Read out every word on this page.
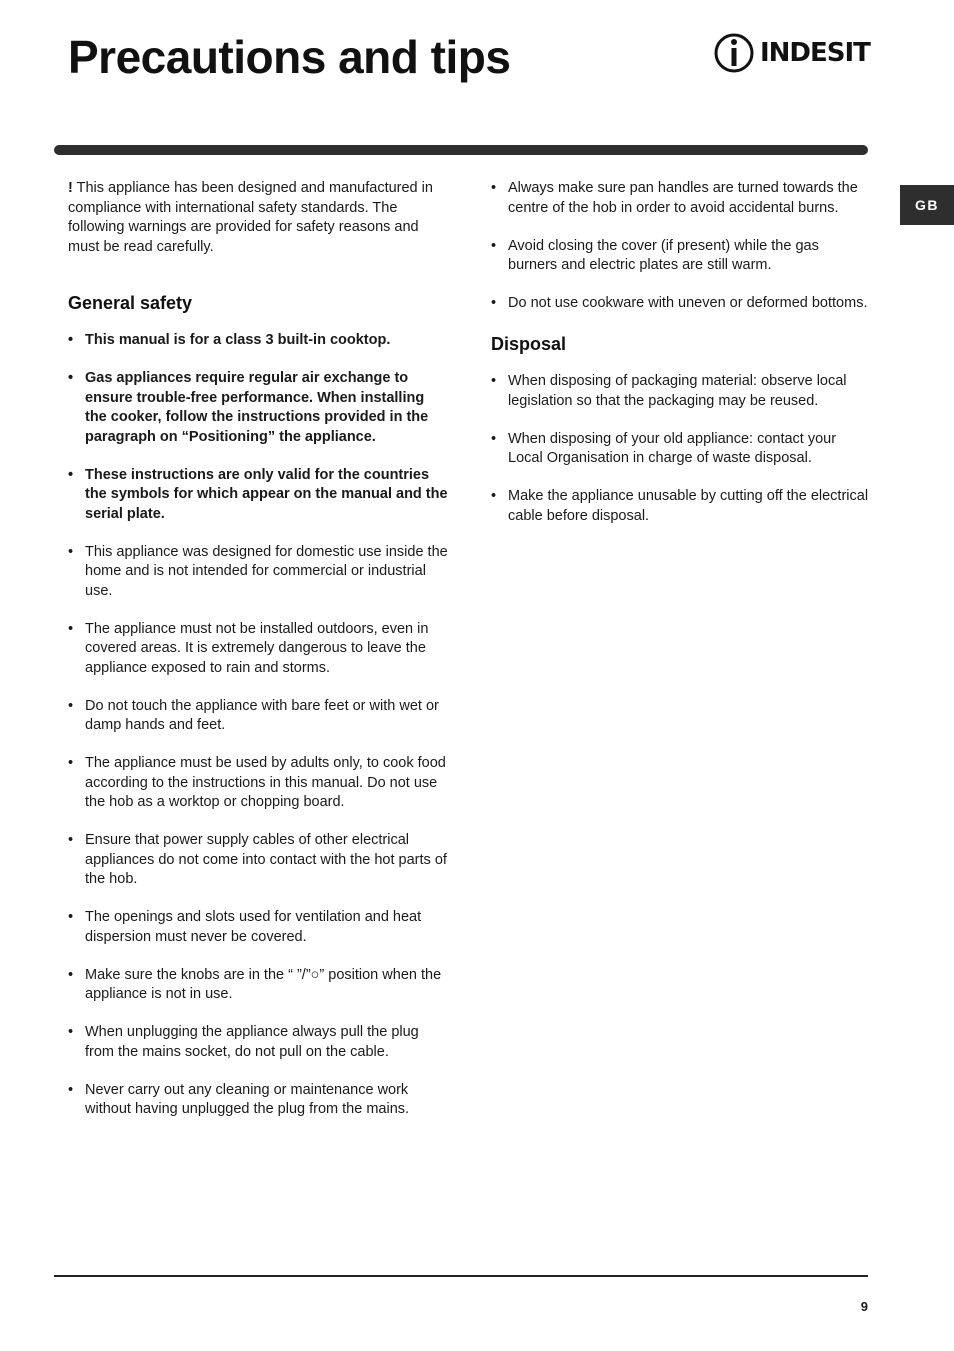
Precautions and tips	INDESIT
GB

! This appliance has been designed and manufactured in compliance with international safety standards. The following warnings are provided for safety reasons and must be read carefully.

General safety
• This manual is for a class 3 built-in cooktop.
• Gas appliances require regular air exchange to ensure trouble-free performance. When installing the cooker, follow the instructions provided in the paragraph on “Positioning” the appliance.
• These instructions are only valid for the countries the symbols for which appear on the manual and the serial plate.
• This appliance was designed for domestic use inside the home and is not intended for commercial or industrial use.
• The appliance must not be installed outdoors, even in covered areas. It is extremely dangerous to leave the appliance exposed to rain and storms.
• Do not touch the appliance with bare feet or with wet or damp hands and feet.
• The appliance must be used by adults only, to cook food according to the instructions in this manual. Do not use the hob as a worktop or chopping board.
• Ensure that power supply cables of other electrical appliances do not come into contact with the hot parts of the hob.
• The openings and slots used for ventilation and heat dispersion must never be covered.
• Make sure the knobs are in the “ ”/”○” position when the appliance is not in use.
• When unplugging the appliance always pull the plug from the mains socket, do not pull on the cable.
• Never carry out any cleaning or maintenance work without having unplugged the plug from the mains.
• Always make sure pan handles are turned towards the centre of the hob in order to avoid accidental burns.
• Avoid closing the cover (if present) while the gas burners and electric plates are still warm.
• Do not use cookware with uneven or deformed bottoms.
Disposal
• When disposing of packaging material: observe local legislation so that the packaging may be reused.
• When disposing of your old appliance: contact your Local Organisation in charge of waste disposal.
• Make the appliance unusable by cutting off the electrical cable before disposal.
9
